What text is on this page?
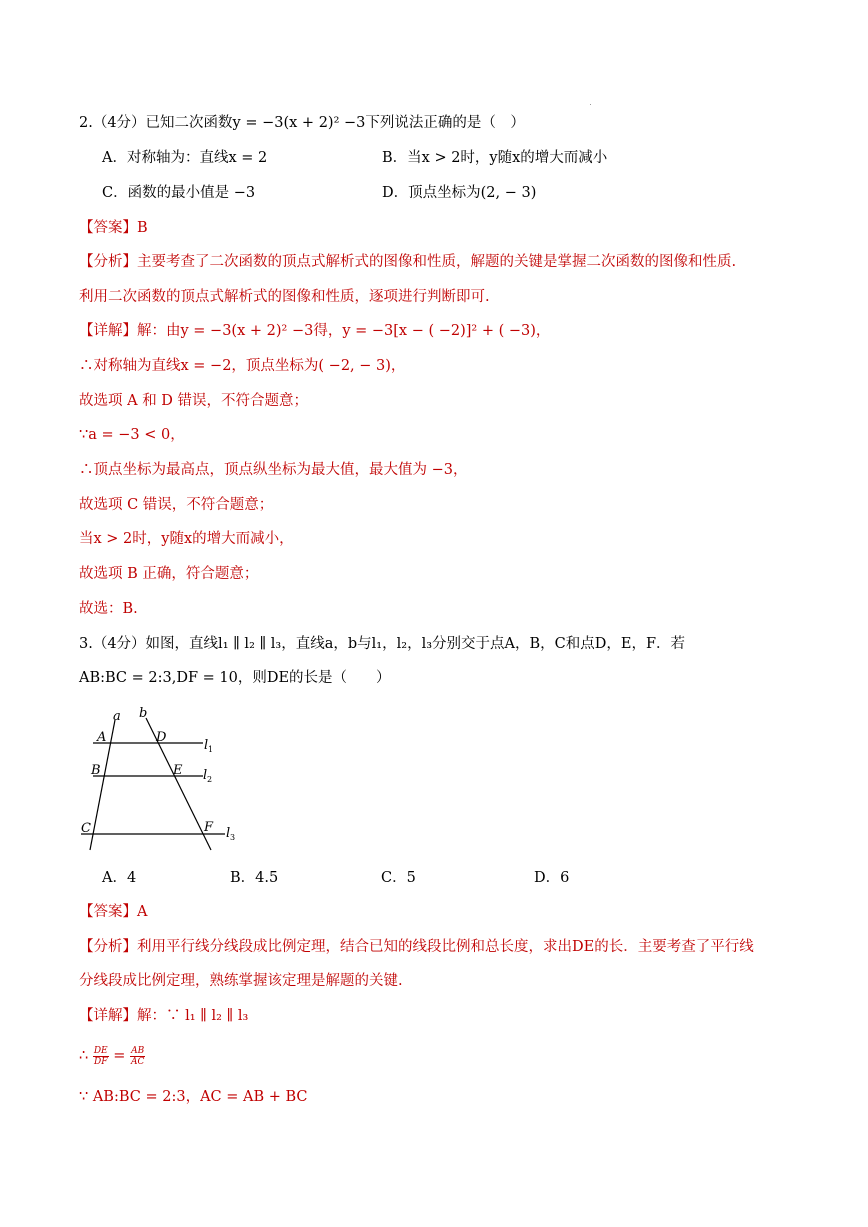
2.（4分）已知二次函数y = −3(x + 2)² −3下列说法正确的是（　）
A．对称轴为：直线x = 2	B．当x > 2时，y随x的增大而减小
C．函数的最小值是 −3	D．顶点坐标为(2, − 3)
【答案】B
【分析】主要考查了二次函数的顶点式解析式的图像和性质，解题的关键是掌握二次函数的图像和性质.
利用二次函数的顶点式解析式的图像和性质，逐项进行判断即可.
【详解】解：由y = −3(x + 2)² −3得，y = −3[x − ( −2)]² + ( −3)，
∴对称轴为直线x = −2，顶点坐标为( −2, − 3)，
故选项 A 和 D 错误，不符合题意；
∵a = −3 < 0，
∴顶点坐标为最高点，顶点纵坐标为最大值，最大值为 −3，
故选项 C 错误，不符合题意；
当x > 2时，y随x的增大而减小，
故选项 B 正确，符合题意；
故选：B.
3.（4分）如图，直线l₁ ∥ l₂ ∥ l₃，直线a，b与l₁，l₂，l₃分别交于点A，B，C和点D，E，F．若
AB:BC = 2:3,DF = 10，则DE的长是（　　）
a b
A	D
l 1
B	E l 2
C	F l 3
A．4	B．4.5	C．5	D．6
【答案】A
【分析】利用平行线分线段成比例定理，结合已知的线段比例和总长度，求出DE的长．主要考查了平行线
分线段成比例定理，熟练掌握该定理是解题的关键.
【详解】解：∵ l₁ ∥ l₂ ∥ l₃
∴ $\frac{DE}{DF} = \frac{AB}{AC}$
∵ AB:BC = 2:3，AC = AB + BC
